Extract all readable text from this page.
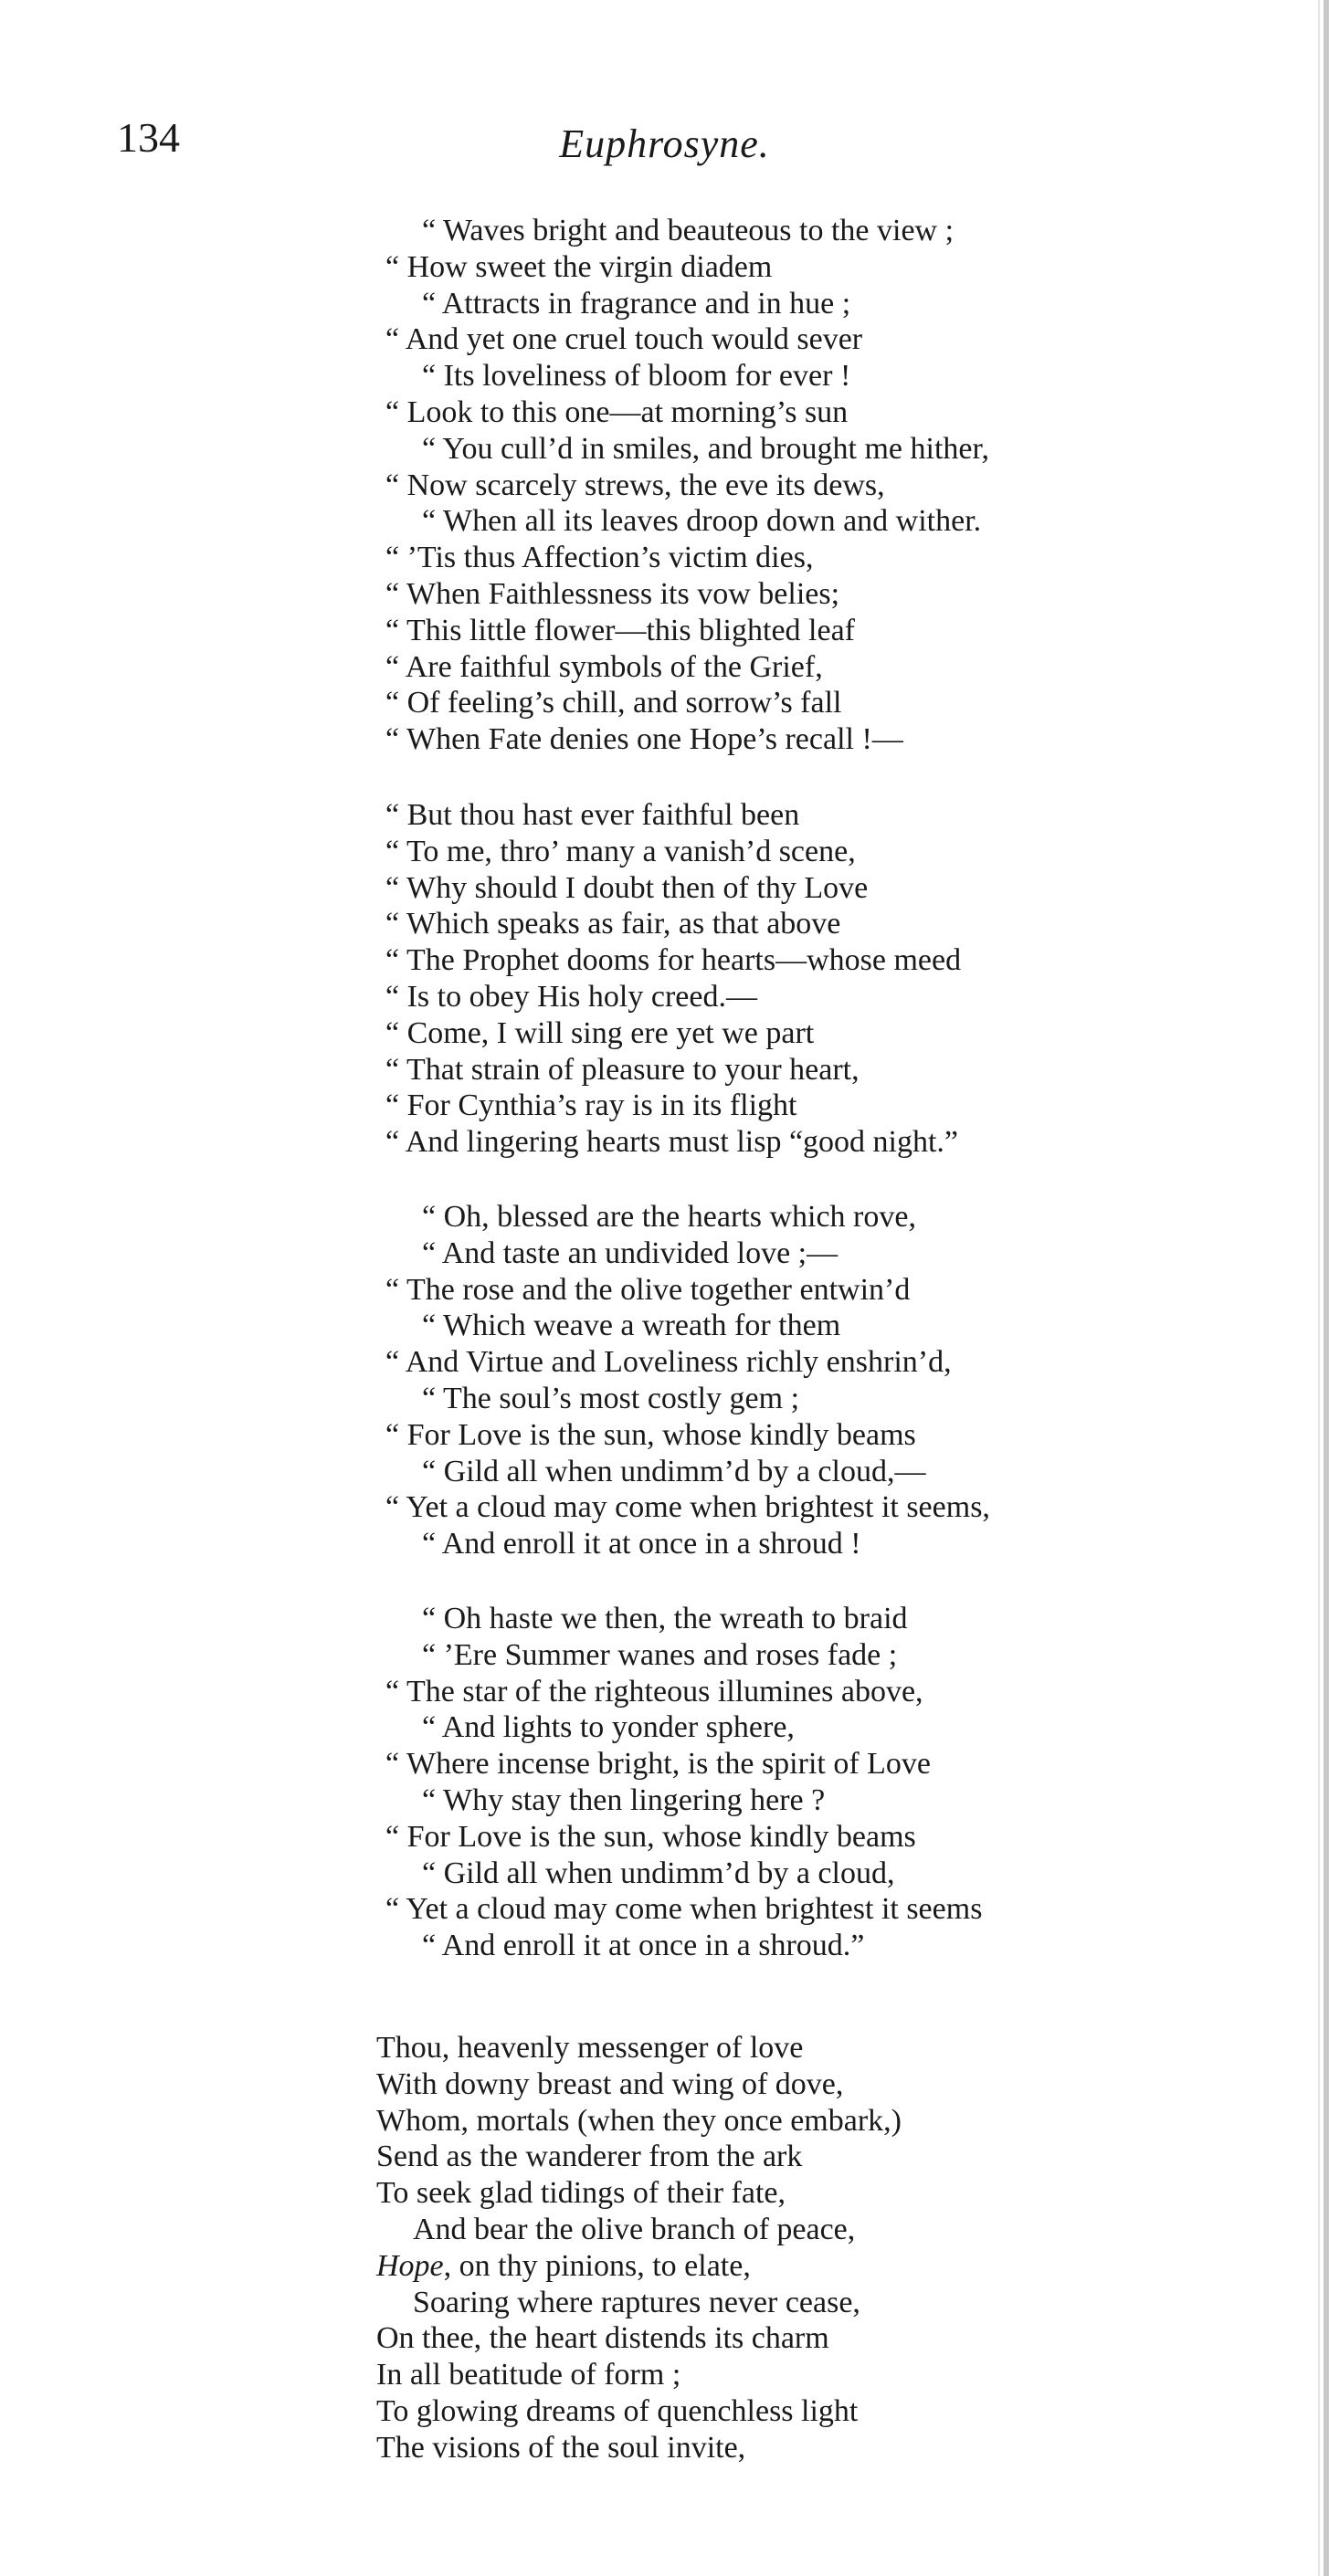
134	Euphrosyne.
“ Waves bright and beauteous to the view ;
“ How sweet the virgin diadem
“ Attracts in fragrance and in hue ;
“ And yet one cruel touch would sever
“ Its loveliness of bloom for ever !
“ Look to this one—at morning’s sun
“ You cull’d in smiles, and brought me hither,
“ Now scarcely strews, the eve its dews,
“ When all its leaves droop down and wither.
“ ’Tis thus Affection’s victim dies,
“ When Faithlessness its vow belies;
“ This little flower—this blighted leaf
“ Are faithful symbols of the Grief,
“ Of feeling’s chill, and sorrow’s fall
“ When Fate denies one Hope’s recall !—
“ But thou hast ever faithful been
“ To me, thro’ many a vanish’d scene,
“ Why should I doubt then of thy Love
“ Which speaks as fair, as that above
“ The Prophet dooms for hearts—whose meed
“ Is to obey His holy creed.—
“ Come, I will sing ere yet we part
“ That strain of pleasure to your heart,
“ For Cynthia’s ray is in its flight
“ And lingering hearts must lisp “good night.”
“ Oh, blessed are the hearts which rove,
“ And taste an undivided love ;—
“ The rose and the olive together entwin’d
“ Which weave a wreath for them
“ And Virtue and Loveliness richly enshrin’d,
“ The soul’s most costly gem ;
“ For Love is the sun, whose kindly beams
“ Gild all when undimm’d by a cloud,—
“ Yet a cloud may come when brightest it seems,
“ And enroll it at once in a shroud !
“ Oh haste we then, the wreath to braid
“ ’Ere Summer wanes and roses fade ;
“ The star of the righteous illumines above,
“ And lights to yonder sphere,
“ Where incense bright, is the spirit of Love
“ Why stay then lingering here ?
“ For Love is the sun, whose kindly beams
“ Gild all when undimm’d by a cloud,
“ Yet a cloud may come when brightest it seems
“ And enroll it at once in a shroud.”
Thou, heavenly messenger of love
With downy breast and wing of dove,
Whom, mortals (when they once embark,)
Send as the wanderer from the ark
To seek glad tidings of their fate,
And bear the olive branch of peace,
Hope, on thy pinions, to elate,
Soaring where raptures never cease,
On thee, the heart distends its charm
In all beatitude of form ;
To glowing dreams of quenchless light
The visions of the soul invite,
